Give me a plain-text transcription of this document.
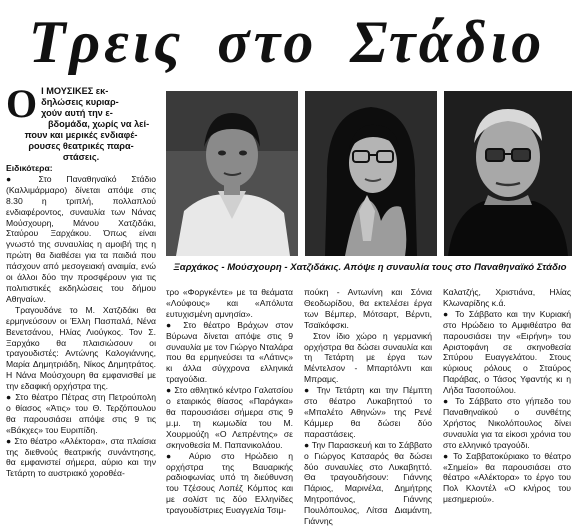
Τρεις στο Στάδιο
Ο Ι ΜΟΥΣΙΚΕΣ εκ-
δηλώσεις κυριαρ-
χούν αυτή την ε-
βδομάδα, χωρίς να λεί-
πουν και μερικές ενδιαφέ-
ρουσες θεατρικές παρα-
στάσεις.

Ειδικότερα:

● Στο Παναθηναϊκό Στάδιο (Καλλιμάρμαρο) δίνεται απόψε στις 8.30 η τριπλή, πολλαπλού ενδιαφέροντος, συναυλία των Νάνας Μούσχουρη, Μάνου Χατζιδάκι, Σταύρου Ξαρχάκου. Όπως είναι γνωστό της συναυλίας η αμοιβή της η πρώτη θα διαθέσει για τα παιδιά που πάσχουν από μεσογειακή αναιμία, ενώ οι άλλοι δύο την προσφέρουν για τις πολιτιστικές εκδηλώσεις του δήμου Αθηναίων.

Τραγουδάνε το Μ. Χατζιδάκι θα ερμηνεύσουν οι Έλλη Πασπαλά, Νένα Βενετσάνου, Ηλίας Λιούγκος. Τον Σ. Ξαρχάκο θα πλαισιώσουν οι τραγουδιστές: Αντώνης Καλογιάννης, Μαρία Δημητριάδη, Νίκος Δημητράτος. Η Νάνα Μούσχουρη θα εμφανισθεί με την εδαφική ορχήστρα της.

● Στο θέατρο Πέτρας στη Πετρούπολη ο θίασος «Άτις» του Θ. Τερζόπουλου θα παρουσιάσει απόψε στις 9 τις «Βάκχες» του Ευριπίδη.

● Στο θέατρο «Αλέκτορα», στα πλαίσια της διεθνούς θεατρικής συνάντησης, θα εμφανιστεί σήμερα, αύριο και την Τετάρτη το αυστριακό χοροθέα-

Ξαρχάκος - Μούσχουρη - Χατζιδάκις. Απόψε η συναυλία τους στο Παναθηναϊκό Στάδιο

τρο «Φοργκέντε» με τα θεάματα «Λούφους» και «Απόλυτα ευτυχισμένη αμνησία».

● Στο θέατρο Βράχων στον Βύρωνα δίνεται απόψε στις 9 συναυλία με τον Γιώργο Νταλάρα που θα ερμηνεύσει τα «Λάτινς» κι άλλα σύγχρονα ελληνικά τραγούδια.

● Στο αθλητικό κέντρο Γαλατσίου ο εταιρικός θίασος «Παράγκα» θα παρουσιάσει σήμερα στις 9 μ.μ. τη κωμωδία του Μ. Χουρμούζη «Ο Λεπρέντης» σε σκηνοθεσία Μ. Παπανικολάου.

● Αύριο στο Ηρώδειο η ορχήστρα της Βαυαρικής ραδιοφωνίας υπό τη διεύθυνση του Τζέσους Λοπέζ Κόμπος και με σολίστ τις δύο Ελληνίδες τραγουδίστριες Ευαγγελία Τσιμ-

πούκη - Αντωνίνη και Σόνια Θεοδωρίδου, θα εκτελέσει έργα των Βέμπερ, Μότσαρτ, Βέρντι, Τσαϊκόφσκι.

Στον ίδιο χώρο η γερμανική ορχήστρα θα δώσει συναυλία και τη Τετάρτη με έργα των Μέντελσον - Μπαρτόλντι και Μπραμς.

● Την Τετάρτη και την Πέμπτη στο θέατρο Λυκαβηττού το «Μπαλέτο Αθηνών» της Ρενέ Κάμμερ θα δώσει δύο παραστάσεις.

● Την Παρασκευή και το Σάββατο ο Γιώργος Κατσαρός θα δώσει δύο συναυλίες στο Λυκαβηττό. Θα τραγουδήσουν: Γιάννης Πάριος, Μαρινέλα, Δημήτρης Μητροπάνος, Γιάννης Πουλόπουλος, Λίτσα Διαμάντη, Γιάννης

Καλατζής, Χριστιάνα, Ηλίας Κλωναρίδης κ.ά.

● Το Σάββατο και την Κυριακή στο Ηρώδειο το Αμφιθέατρο θα παρουσιάσει την «Ειρήνη» του Αριστοφάνη σε σκηνοθεσία Σπύρου Ευαγγελάτου. Στους κύριους ρόλους ο Σταύρος Παράβας, ο Τάσος Υφαντής κι η Λήδα Τασοπούλου.

● Το Σάββατο στο γήπεδο του Παναθηναϊκού ο συνθέτης Χρήστος Νικολόπουλος δίνει συναυλία για τα είκοσι χρόνια του στο ελληνικό τραγούδι.

● Το Σαββατοκύριακο το θέατρο «Σημείο» θα παρουσιάσει στο θέατρο «Αλέκτορα» το έργο του Πολ Κλοντέλ «Ο κλήρος του μεσημεριού».
